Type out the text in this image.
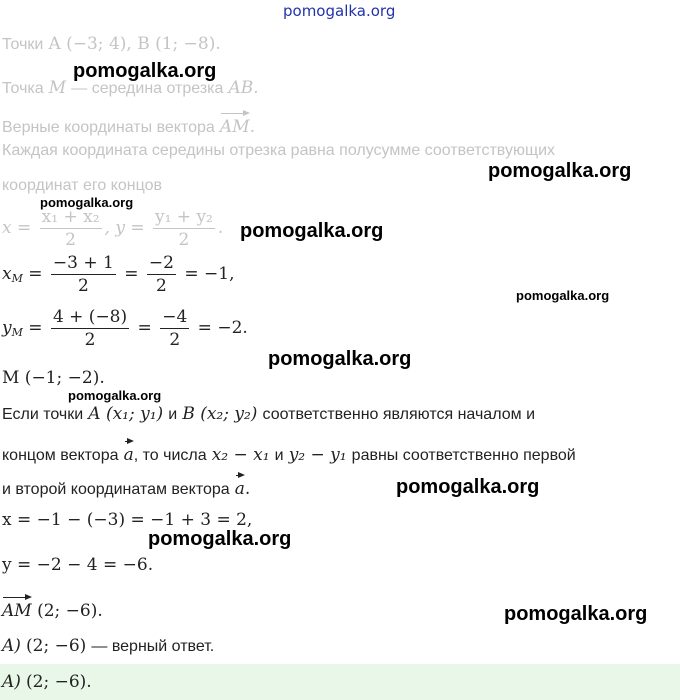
pomogalka.org
Точки A (−3; 4), B (1; −8).
Точка M — середина отрезка AB.
Верные координаты вектора AM.
Каждая координата середины отрезка равна полусумме соответствующих
координат его концов
$x = \frac{\text{x₁ + x₂}}{2}$ , $y = \frac{\text{y₁ + y₂}}{2}$ .
xM = $\frac{-3 + 1}{2} = \frac{-2}{2} = -1$,
yM = $\frac{4 + (-8)}{2} = \frac{-4}{2} = -2$.
M (−1; −2).
Если точки A (x₁; y₁) и B (x₂; y₂) соответственно являются началом и
концом вектора a, то числа x₂ − x₁ и y₂ − y₁ равны соответственно первой
и второй координатам вектора a.
x = −1 − (−3) = −1 + 3 = 2,
y = −2 − 4 = −6.
AM (2; −6).
A) (2; −6) — верный ответ.
A) (2; −6).
pomogalka.org
pomogalka.org
pomogalka.org
pomogalka.org
pomogalka.org
pomogalka.org
pomogalka.org
pomogalka.org
pomogalka.org
pomogalka.org
